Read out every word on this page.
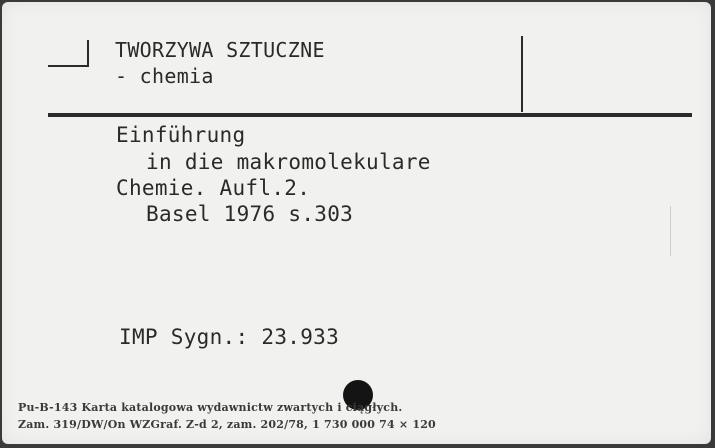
TWORZYWA SZTUCZNE
- chemia
Einführung
in die makromolekulare
Chemie. Aufl.2.
Basel 1976 s.303
IMP Sygn.: 23.933
Pu-B-143 Karta katalogowa wydawnictw zwartych i ciągłych.
Zam. 319/DW/On WZGraf. Z-d 2, zam. 202/78, 1 730 000 74 × 120
